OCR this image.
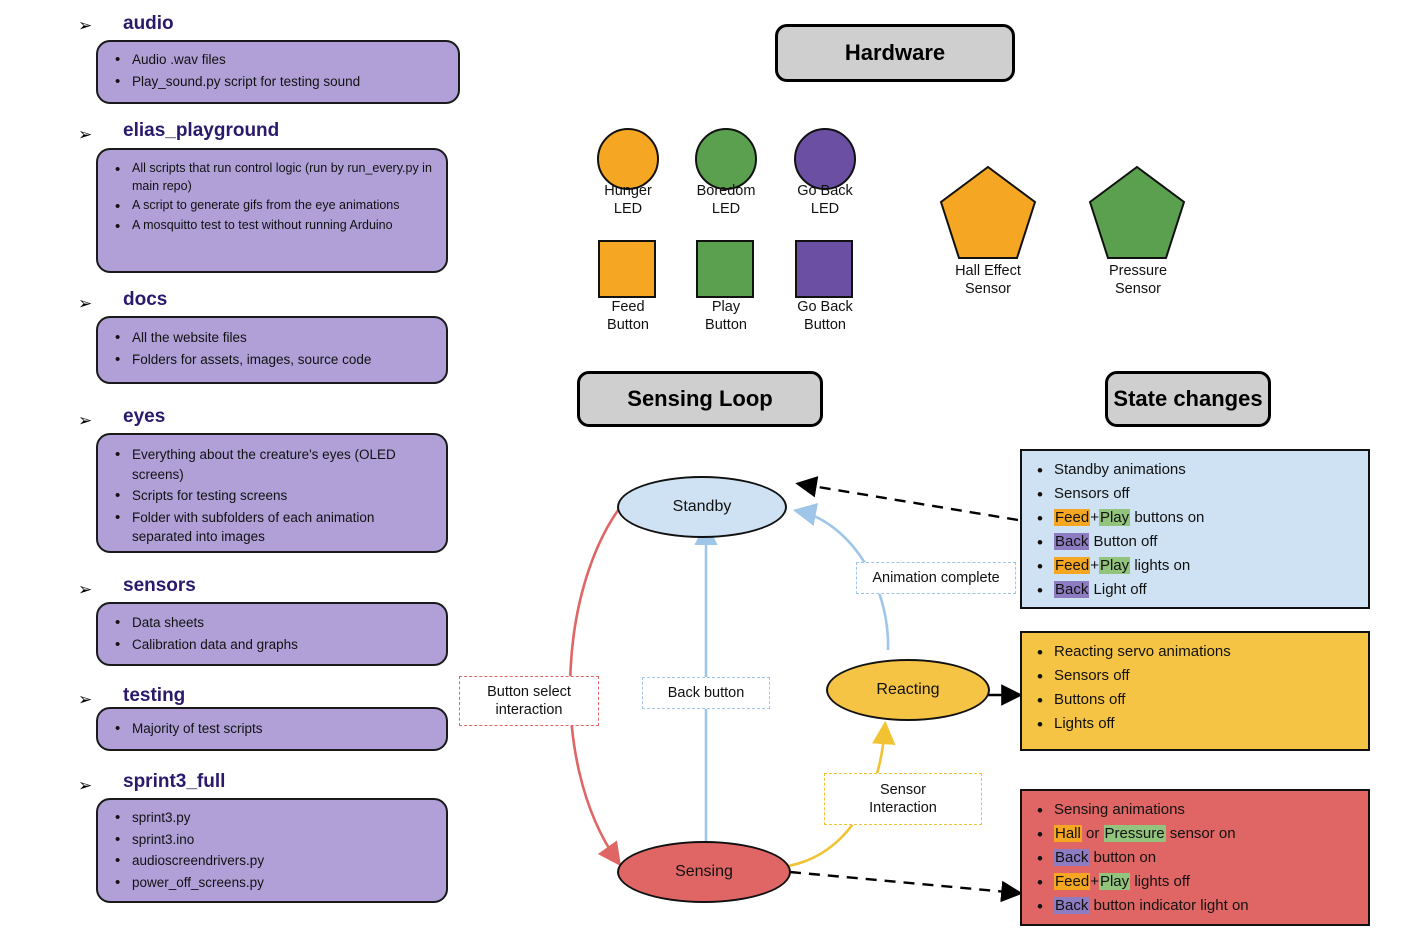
➢ audio
• Audio .wav files
• Play_sound.py script for testing sound
➢ elias_playground
• All scripts that run control logic (run by run_every.py in main repo)
• A script to generate gifs from the eye animations
• A mosquitto test to test without running Arduino
➢ docs
• All the website files
• Folders for assets, images, source code
➢ eyes
• Everything about the creature's eyes (OLED screens)
• Scripts for testing screens
• Folder with subfolders of each animation separated into images
➢ sensors
• Data sheets
• Calibration data and graphs
➢ testing
• Majority of test scripts
➢ sprint3_full
• sprint3.py
• sprint3.ino
• audioscreendrivers.py
• power_off_screens.py
Hardware
Sensing Loop	State changes
Hunger
LED
Boredom
LED
Go Back
LED
Feed
Button
Play
Button
Go Back
Button
Hall Effect
Sensor
Pressure
Sensor
Standby
Reacting
Sensing
Button select
interaction
Back button
Animation complete
Sensor
Interaction
• Standby animations
• Sensors off
• Feed+Play buttons on
• Back Button off
• Feed+Play lights on
• Back Light off
• Reacting servo animations
• Sensors off
• Buttons off
• Lights off
• Sensing animations
• Hall or Pressure sensor on
• Back button on
• Feed+Play lights off
• Back button indicator light on
